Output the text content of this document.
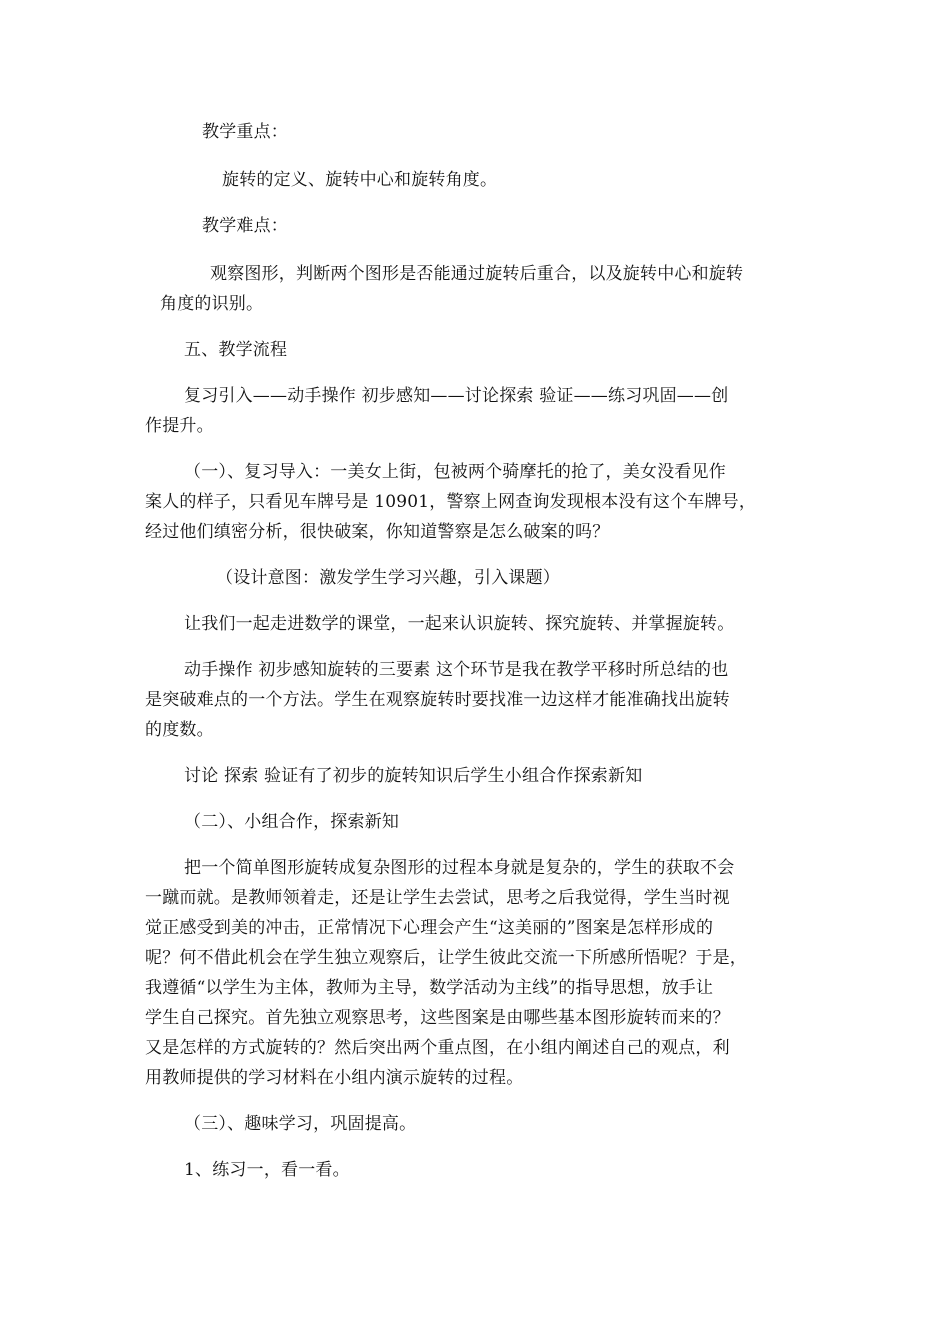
教学重点：
旋转的定义、旋转中心和旋转角度。
教学难点：
观察图形，判断两个图形是否能通过旋转后重合，以及旋转中心和旋转
角度的识别。
五、教学流程
复习引入——动手操作 初步感知——讨论探索 验证——练习巩固——创
作提升。
（一）、复习导入：一美女上街，包被两个骑摩托的抢了，美女没看见作
案人的样子，只看见车牌号是 10901，警察上网查询发现根本没有这个车牌号，
经过他们缜密分析，很快破案，你知道警察是怎么破案的吗？
（设计意图：激发学生学习兴趣，引入课题）
让我们一起走进数学的课堂，一起来认识旋转、探究旋转、并掌握旋转。
动手操作 初步感知旋转的三要素 这个环节是我在教学平移时所总结的也
是突破难点的一个方法。学生在观察旋转时要找准一边这样才能准确找出旋转
的度数。
讨论 探索 验证有了初步的旋转知识后学生小组合作探索新知
（二）、小组合作，探索新知
把一个简单图形旋转成复杂图形的过程本身就是复杂的，学生的获取不会
一蹴而就。是教师领着走，还是让学生去尝试，思考之后我觉得，学生当时视
觉正感受到美的冲击，正常情况下心理会产生“这美丽的”图案是怎样形成的
呢？何不借此机会在学生独立观察后，让学生彼此交流一下所感所悟呢？于是，
我遵循“以学生为主体，教师为主导，数学活动为主线”的指导思想，放手让
学生自己探究。首先独立观察思考，这些图案是由哪些基本图形旋转而来的？
又是怎样的方式旋转的？然后突出两个重点图，在小组内阐述自己的观点，利
用教师提供的学习材料在小组内演示旋转的过程。
（三）、趣味学习，巩固提高。
1、练习一，看一看。
